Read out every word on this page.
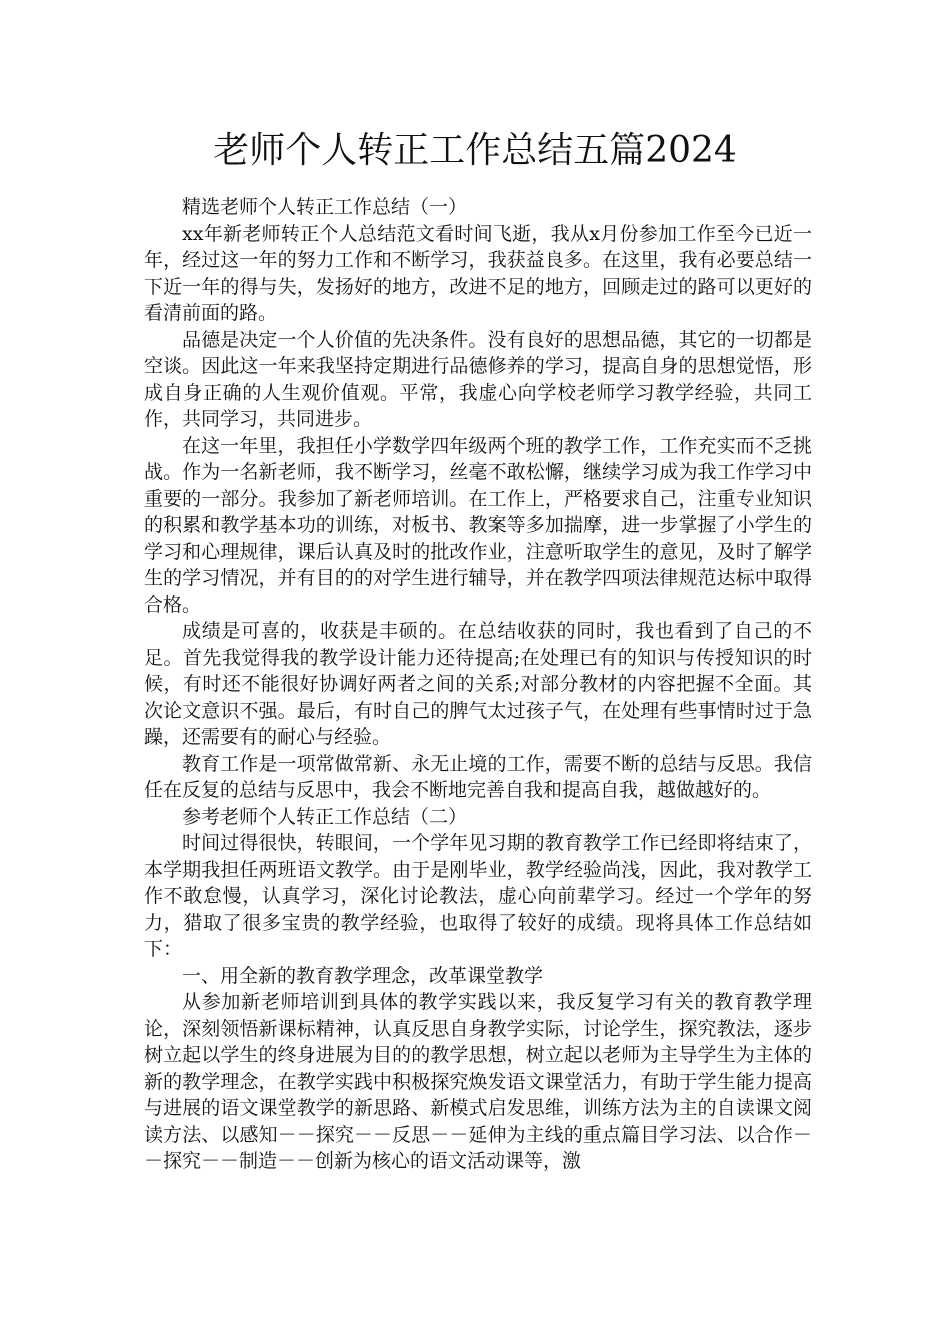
老师个人转正工作总结五篇2024

精选老师个人转正工作总结（一）

xx年新老师转正个人总结范文看时间飞逝，我从x月份参加工作至今已近一年，经过这一年的努力工作和不断学习，我获益良多。在这里，我有必要总结一下近一年的得与失，发扬好的地方，改进不足的地方，回顾走过的路可以更好的看清前面的路。

品德是决定一个人价值的先决条件。没有良好的思想品德，其它的一切都是空谈。因此这一年来我坚持定期进行品德修养的学习，提高自身的思想觉悟，形成自身正确的人生观价值观。平常，我虚心向学校老师学习教学经验，共同工作，共同学习，共同进步。

在这一年里，我担任小学数学四年级两个班的教学工作，工作充实而不乏挑战。作为一名新老师，我不断学习，丝毫不敢松懈，继续学习成为我工作学习中重要的一部分。我参加了新老师培训。在工作上，严格要求自己，注重专业知识的积累和教学基本功的训练，对板书、教案等多加揣摩，进一步掌握了小学生的学习和心理规律，课后认真及时的批改作业，注意听取学生的意见，及时了解学生的学习情况，并有目的的对学生进行辅导，并在教学四项法律规范达标中取得合格。

成绩是可喜的，收获是丰硕的。在总结收获的同时，我也看到了自己的不足。首先我觉得我的教学设计能力还待提高;在处理已有的知识与传授知识的时候，有时还不能很好协调好两者之间的关系;对部分教材的内容把握不全面。其次论文意识不强。最后，有时自己的脾气太过孩子气，在处理有些事情时过于急躁，还需要有的耐心与经验。

教育工作是一项常做常新、永无止境的工作，需要不断的总结与反思。我信任在反复的总结与反思中，我会不断地完善自我和提高自我，越做越好的。

参考老师个人转正工作总结（二）

时间过得很快，转眼间，一个学年见习期的教育教学工作已经即将结束了，本学期我担任两班语文教学。由于是刚毕业，教学经验尚浅，因此，我对教学工作不敢怠慢，认真学习，深化讨论教法，虚心向前辈学习。经过一个学年的努力，猎取了很多宝贵的教学经验，也取得了较好的成绩。现将具体工作总结如下：

一、用全新的教育教学理念，改革课堂教学

从参加新老师培训到具体的教学实践以来，我反复学习有关的教育教学理论，深刻领悟新课标精神，认真反思自身教学实际，讨论学生，探究教法，逐步树立起以学生的终身进展为目的的教学思想，树立起以老师为主导学生为主体的新的教学理念，在教学实践中积极探究焕发语文课堂活力，有助于学生能力提高与进展的语文课堂教学的新思路、新模式启发思维，训练方法为主的自读课文阅读方法、以感知－－探究－－反思－－延伸为主线的重点篇目学习法、以合作－－探究－－制造－－创新为核心的语文活动课等，激
